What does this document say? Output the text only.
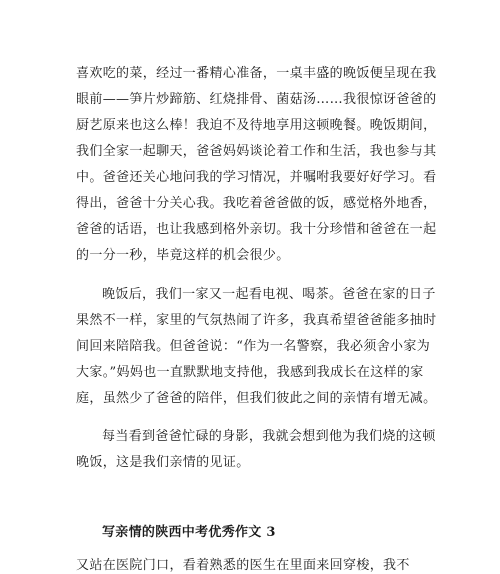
喜欢吃的菜，经过一番精心准备，一桌丰盛的晚饭便呈现在我
眼前——笋片炒蹄筋、红烧排骨、菌菇汤……我很惊讶爸爸的
厨艺原来也这么棒！我迫不及待地享用这顿晚餐。晚饭期间，
我们全家一起聊天，爸爸妈妈谈论着工作和生活，我也参与其
中。爸爸还关心地问我的学习情况，并嘱咐我要好好学习。看
得出，爸爸十分关心我。我吃着爸爸做的饭，感觉格外地香，
爸爸的话语，也让我感到格外亲切。我十分珍惜和爸爸在一起
的一分一秒，毕竟这样的机会很少。
晚饭后，我们一家又一起看电视、喝茶。爸爸在家的日子
果然不一样，家里的气氛热闹了许多，我真希望爸爸能多抽时
间回来陪陪我。但爸爸说：“作为一名警察，我必须舍小家为
大家。”妈妈也一直默默地支持他，我感到我成长在这样的家
庭，虽然少了爸爸的陪伴，但我们彼此之间的亲情有增无减。
每当看到爸爸忙碌的身影，我就会想到他为我们烧的这顿
晚饭，这是我们亲情的见证。
写亲情的陕西中考优秀作文 3
又站在医院门口，看着熟悉的医生在里面来回穿梭，我不
